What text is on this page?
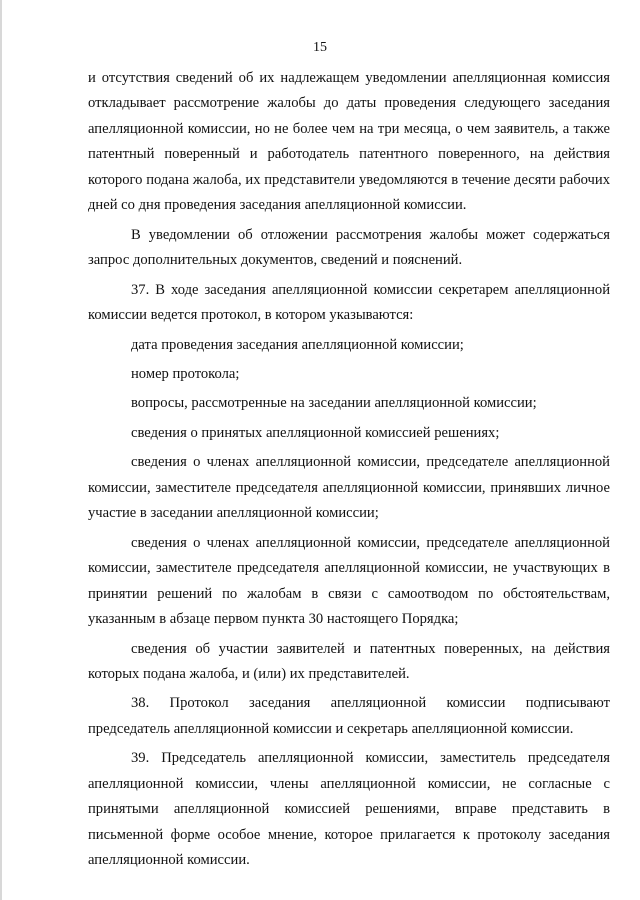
15

и отсутствия сведений об их надлежащем уведомлении апелляционная комиссия откладывает рассмотрение жалобы до даты проведения следующего заседания апелляционной комиссии, но не более чем на три месяца, о чем заявитель, а также патентный поверенный и работодатель патентного поверенного, на действия которого подана жалоба, их представители уведомляются в течение десяти рабочих дней со дня проведения заседания апелляционной комиссии.

В уведомлении об отложении рассмотрения жалобы может содержаться запрос дополнительных документов, сведений и пояснений.

37. В ходе заседания апелляционной комиссии секретарем апелляционной комиссии ведется протокол, в котором указываются:

дата проведения заседания апелляционной комиссии;

номер протокола;

вопросы, рассмотренные на заседании апелляционной комиссии;

сведения о принятых апелляционной комиссией решениях;

сведения о членах апелляционной комиссии, председателе апелляционной комиссии, заместителе председателя апелляционной комиссии, принявших личное участие в заседании апелляционной комиссии;

сведения о членах апелляционной комиссии, председателе апелляционной комиссии, заместителе председателя апелляционной комиссии, не участвующих в принятии решений по жалобам в связи с самоотводом по обстоятельствам, указанным в абзаце первом пункта 30 настоящего Порядка;

сведения об участии заявителей и патентных поверенных, на действия которых подана жалоба, и (или) их представителей.

38. Протокол заседания апелляционной комиссии подписывают председатель апелляционной комиссии и секретарь апелляционной комиссии.

39. Председатель апелляционной комиссии, заместитель председателя апелляционной комиссии, члены апелляционной комиссии, не согласные с принятыми апелляционной комиссией решениями, вправе представить в письменной форме особое мнение, которое прилагается к протоколу заседания апелляционной комиссии.
